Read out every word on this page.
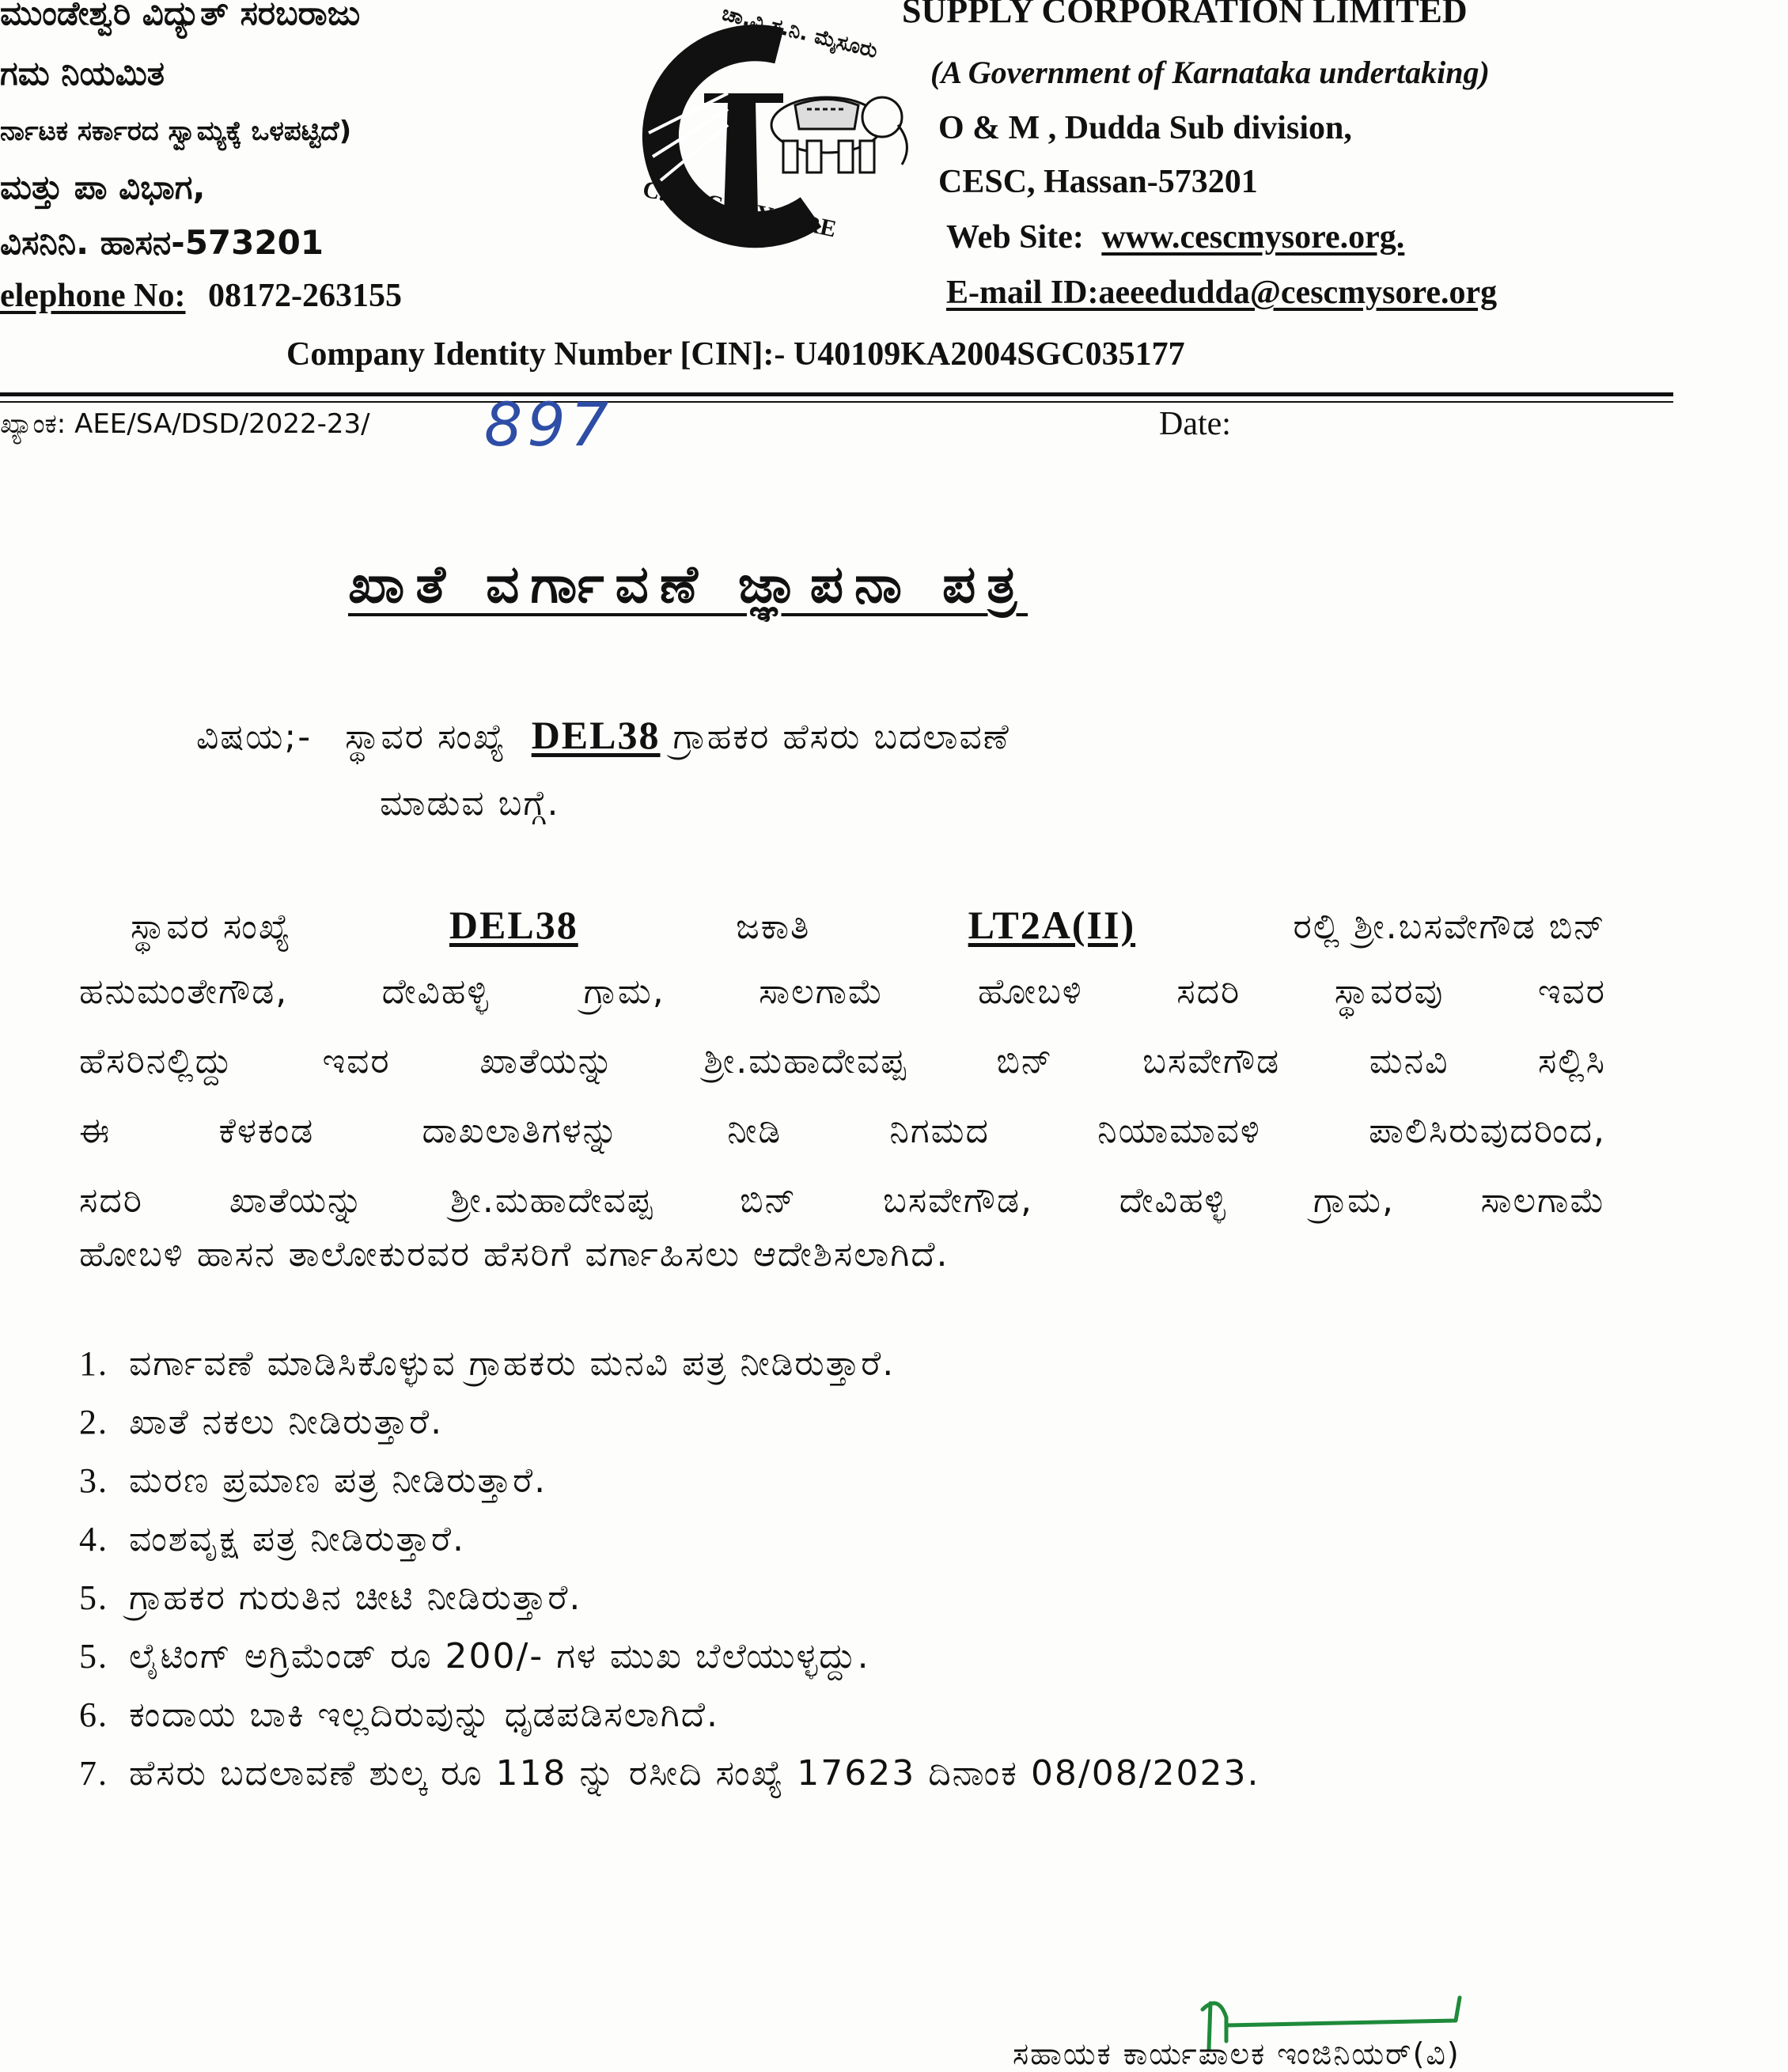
ಮುಂಡೇಶ್ವರಿ ವಿದ್ಯುತ್ ಸರಬರಾಜು
ಗಮ ನಿಯಮಿತ
ರ್ನಾಟಕ ಸರ್ಕಾರದ ಸ್ವಾಮ್ಯಕ್ಕೆ ಒಳಪಟ್ಟಿದೆ)
ಮತ್ತು ಪಾ ವಿಭಾಗ,
ವಿಸನಿನಿ. ಹಾಸನ-573201
elephone No: 08172-263155
ಚಾ.ವಿ.ಸ.ನಿ. ಮೈಸೂರು
C.E.S.C, MYSORE
SUPPLY CORPORATION LIMITED
(A Government of Karnataka undertaking)
O & M , Dudda Sub division,
CESC, Hassan-573201
Web Site: www.cescmysore.org.
E-mail ID:aeeedudda@cescmysore.org
Company Identity Number [CIN]:- U40109KA2004SGC035177
ಖ್ಯಾಂಕ: AEE/SA/DSD/2022-23/ 897	Date:
ಖಾತೆ ವರ್ಗಾವಣೆ ಜ್ಞಾಪನಾ ಪತ್ರ
ವಿಷಯ;- ಸ್ಥಾವರ ಸಂಖ್ಯೆ DEL38 ಗ್ರಾಹಕರ ಹೆಸರು ಬದಲಾವಣೆ
ಮಾಡುವ ಬಗ್ಗೆ.
ಸ್ಥಾವರ ಸಂಖ್ಯೆ	DEL38	ಜಕಾತಿ	LT2A(II)	ರಲ್ಲಿ ಶ್ರೀ.ಬಸವೇಗೌಡ ಬಿನ್
ಹನುಮಂತೇಗೌಡ, ದೇವಿಹಳ್ಳಿ ಗ್ರಾಮ, ಸಾಲಗಾಮೆ ಹೋಬಳಿ ಸದರಿ ಸ್ಥಾವರವು ಇವರ
ಹೆಸರಿನಲ್ಲಿದ್ದು ಇವರ ಖಾತೆಯನ್ನು ಶ್ರೀ.ಮಹಾದೇವಪ್ಪ ಬಿನ್ ಬಸವೇಗೌಡ ಮನವಿ ಸಲ್ಲಿಸಿ
ಈ ಕೆಳಕಂಡ ದಾಖಲಾತಿಗಳನ್ನು ನೀಡಿ ನಿಗಮದ ನಿಯಾಮಾವಳಿ ಪಾಲಿಸಿರುವುದರಿಂದ,
ಸದರಿ ಖಾತೆಯನ್ನು ಶ್ರೀ.ಮಹಾದೇವಪ್ಪ ಬಿನ್ ಬಸವೇಗೌಡ, ದೇವಿಹಳ್ಳಿ ಗ್ರಾಮ, ಸಾಲಗಾಮೆ
ಹೋಬಳಿ ಹಾಸನ ತಾಲೋಕುರವರ ಹೆಸರಿಗೆ ವರ್ಗಾಹಿಸಲು ಆದೇಶಿಸಲಾಗಿದೆ.
1. ವರ್ಗಾವಣೆ ಮಾಡಿಸಿಕೊಳ್ಳುವ ಗ್ರಾಹಕರು ಮನವಿ ಪತ್ರ ನೀಡಿರುತ್ತಾರೆ.
2. ಖಾತೆ ನಕಲು ನೀಡಿರುತ್ತಾರೆ.
3. ಮರಣ ಪ್ರಮಾಣ ಪತ್ರ ನೀಡಿರುತ್ತಾರೆ.
4. ವಂಶವೃಕ್ಷ ಪತ್ರ ನೀಡಿರುತ್ತಾರೆ.
5. ಗ್ರಾಹಕರ ಗುರುತಿನ ಚೀಟಿ ನೀಡಿರುತ್ತಾರೆ.
5. ಲೈಟಿಂಗ್ ಅಗ್ರಿಮೆಂಡ್ ರೂ 200/- ಗಳ ಮುಖ ಬೆಲೆಯುಳ್ಳದ್ದು.
6. ಕಂದಾಯ ಬಾಕಿ ಇಲ್ಲದಿರುವುನ್ನು ಧೃಡಪಡಿಸಲಾಗಿದೆ.
7. ಹೆಸರು ಬದಲಾವಣೆ ಶುಲ್ಕ ರೂ 118 ನ್ನು ರಸೀದಿ ಸಂಖ್ಯೆ 17623 ದಿನಾಂಕ 08/08/2023.
ಸಹಾಯಕ ಕಾರ್ಯಪಾಲಕ ಇಂಜಿನಿಯರ್(ವಿ)
